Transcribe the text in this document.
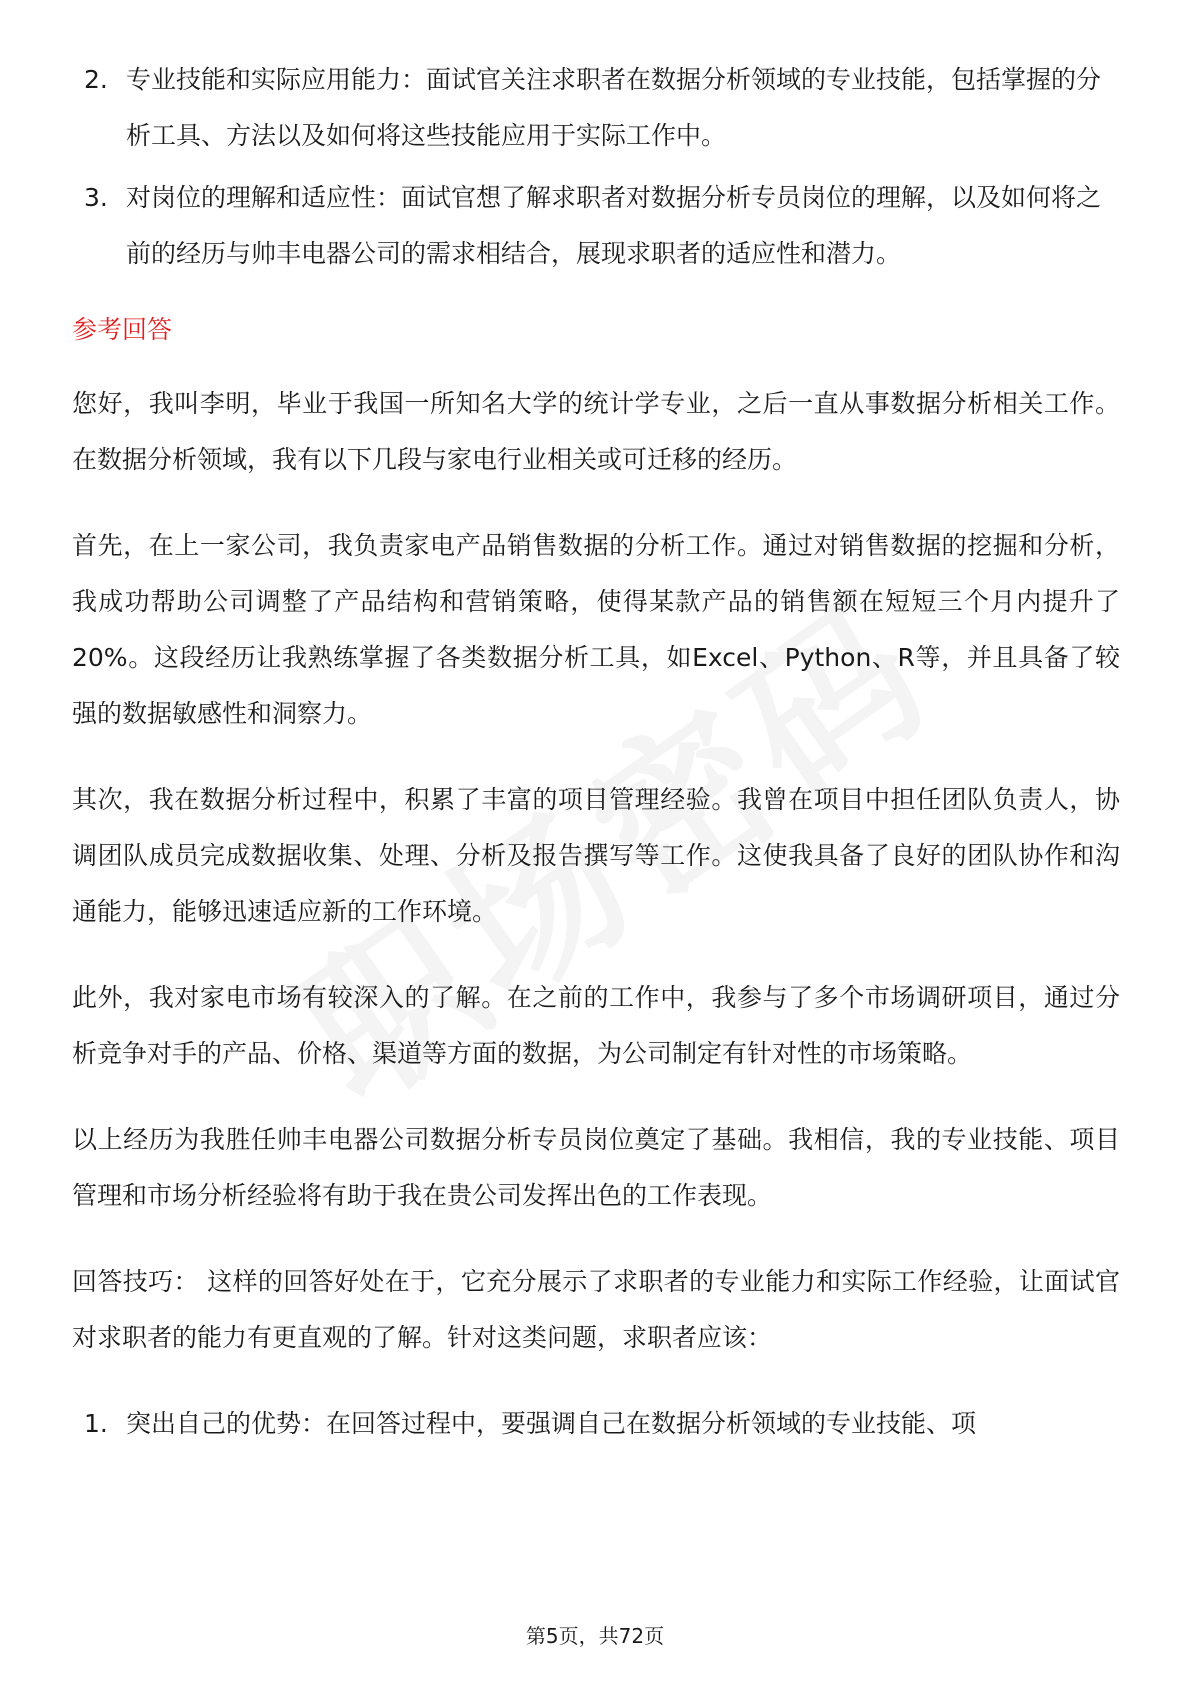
2. 专业技能和实际应用能力：面试官关注求职者在数据分析领域的专业技能，包括掌握的分析工具、方法以及如何将这些技能应用于实际工作中。
3. 对岗位的理解和适应性：面试官想了解求职者对数据分析专员岗位的理解，以及如何将之前的经历与帅丰电器公司的需求相结合，展现求职者的适应性和潜力。
参考回答

您好，我叫李明，毕业于我国一所知名大学的统计学专业，之后一直从事数据分析相关工作。在数据分析领域，我有以下几段与家电行业相关或可迁移的经历。

首先，在上一家公司，我负责家电产品销售数据的分析工作。通过对销售数据的挖掘和分析，我成功帮助公司调整了产品结构和营销策略，使得某款产品的销售额在短短三个月内提升了20%。这段经历让我熟练掌握了各类数据分析工具，如Excel、Python、R等，并且具备了较强的数据敏感性和洞察力。

其次，我在数据分析过程中，积累了丰富的项目管理经验。我曾在项目中担任团队负责人，协调团队成员完成数据收集、处理、分析及报告撰写等工作。这使我具备了良好的团队协作和沟通能力，能够迅速适应新的工作环境。

此外，我对家电市场有较深入的了解。在之前的工作中，我参与了多个市场调研项目，通过分析竞争对手的产品、价格、渠道等方面的数据，为公司制定有针对性的市场策略。

以上经历为我胜任帅丰电器公司数据分析专员岗位奠定了基础。我相信，我的专业技能、项目管理和市场分析经验将有助于我在贵公司发挥出色的工作表现。

回答技巧： 这样的回答好处在于，它充分展示了求职者的专业能力和实际工作经验，让面试官对求职者的能力有更直观的了解。针对这类问题，求职者应该：

1. 突出自己的优势：在回答过程中，要强调自己在数据分析领域的专业技能、项
第5页，共72页
